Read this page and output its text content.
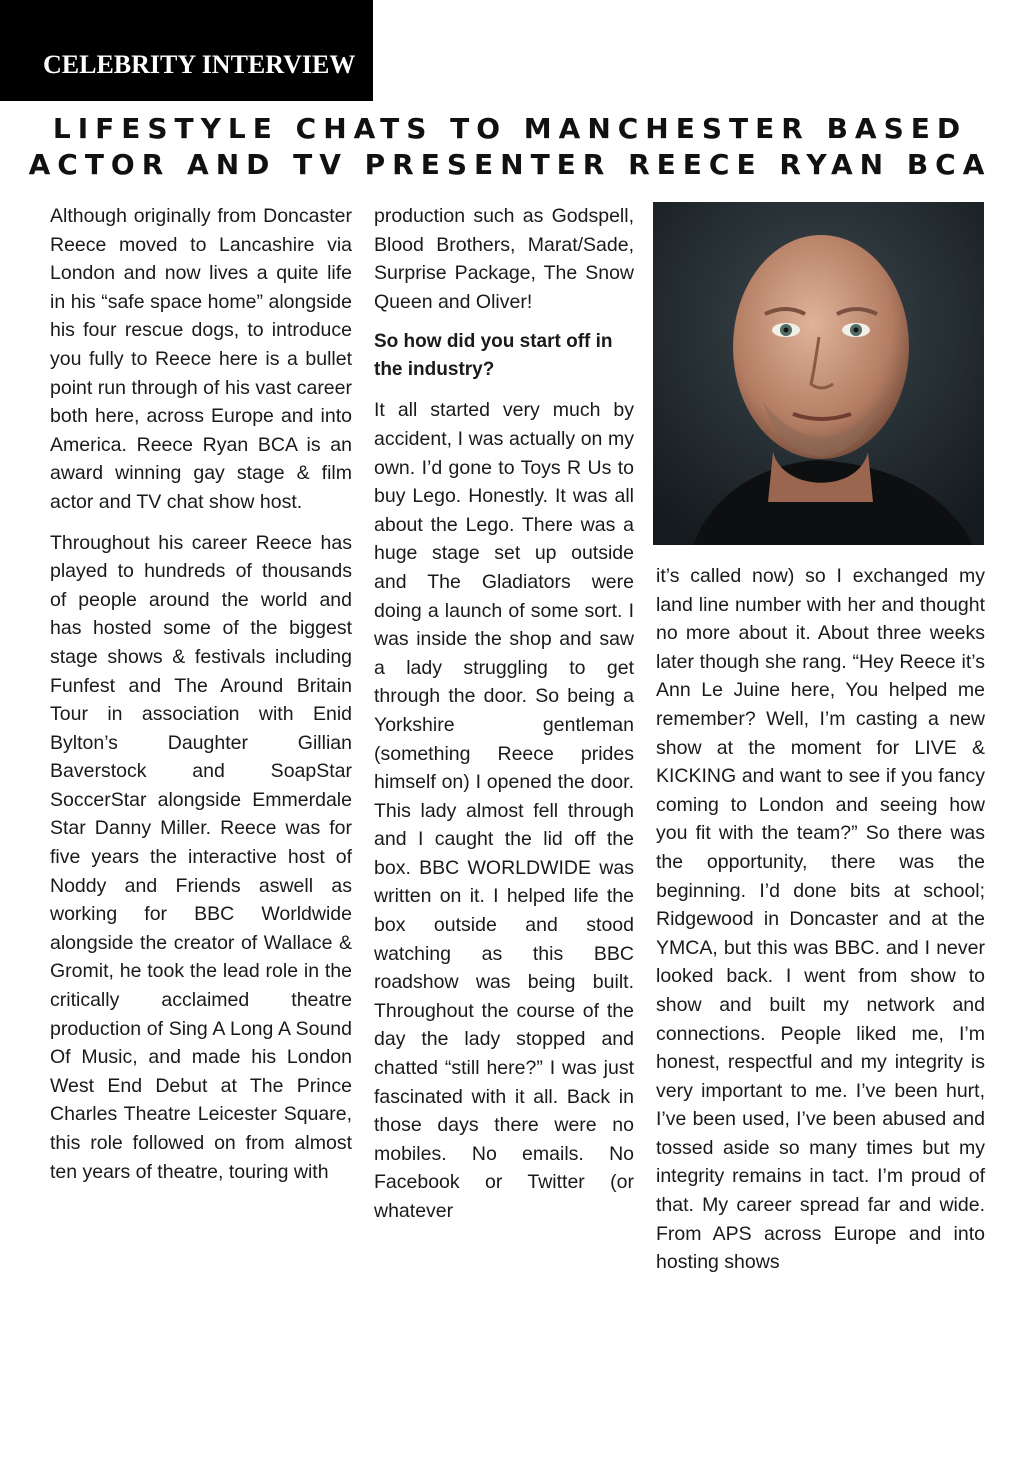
CELEBRITY INTERVIEW
LIFESTYLE CHATS TO MANCHESTER BASED
ACTOR AND TV PRESENTER REECE RYAN BCA

Although originally from Doncaster Reece moved to Lancashire via London and now lives a quite life in his “safe space home” alongside his four rescue dogs, to introduce you fully to Reece here is a bullet point run through of his vast career both here, across Europe and into America. Reece Ryan BCA is an award winning gay stage & film actor and TV chat show host.

Throughout his career Reece has played to hundreds of thousands of people around the world and has hosted some of the biggest stage shows & festivals including Funfest and The Around Britain Tour in association with Enid Bylton’s Daughter Gillian Baverstock and SoapStar SoccerStar alongside Emmerdale Star Danny Miller. Reece was for five years the interactive host of Noddy and Friends aswell as working for BBC Worldwide alongside the creator of Wallace & Gromit, he took the lead role in the critically acclaimed theatre production of Sing A Long A Sound Of Music, and made his London West End Debut at The Prince Charles Theatre Leicester Square, this role followed on from almost ten years of theatre, touring with

production such as Godspell, Blood Brothers, Marat/Sade, Surprise Package, The Snow Queen and Oliver!

So how did you start off in the industry?

It all started very much by accident, I was actually on my own. I’d gone to Toys R Us to buy Lego. Honestly. It was all about the Lego. There was a huge stage set up outside and The Gladiators were doing a launch of some sort. I was inside the shop and saw a lady struggling to get through the door. So being a Yorkshire gentleman (something Reece prides himself on) I opened the door. This lady almost fell through and I caught the lid off the box. BBC WORLDWIDE was written on it. I helped life the box outside and stood watching as this BBC roadshow was being built. Throughout the course of the day the lady stopped and chatted “still here?” I was just fascinated with it all. Back in those days there were no mobiles. No emails. No Facebook or Twitter (or whatever

it’s called now) so I exchanged my land line number with her and thought no more about it. About three weeks later though she rang. “Hey Reece it’s Ann Le Juine here, You helped me remember? Well, I’m casting a new show at the moment for LIVE & KICKING and want to see if you fancy coming to London and seeing how you fit with the team?” So there was the opportunity, there was the beginning. I’d done bits at school; Ridgewood in Doncaster and at the YMCA, but this was BBC. and I never looked back. I went from show to show and built my network and connections. People liked me, I’m honest, respectful and my integrity is very important to me. I’ve been hurt, I’ve been used, I’ve been abused and tossed aside so many times but my integrity remains in tact. I’m proud of that. My career spread far and wide. From APS across Europe and into hosting shows
